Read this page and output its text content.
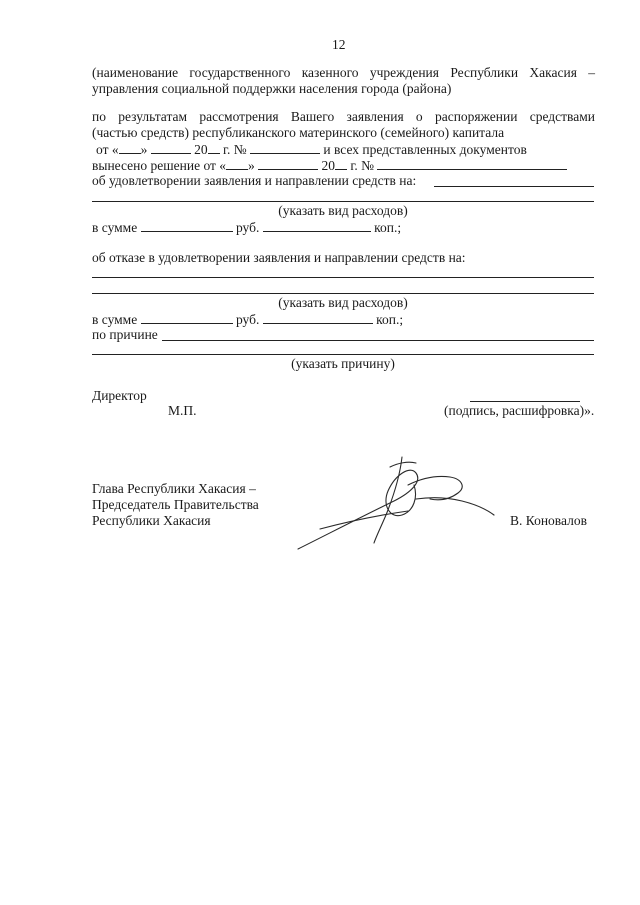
12
(наименование государственного казенного учреждения Республики Хакасия –
управления социальной поддержки населения города (района)
по результатам рассмотрения Вашего заявления о распоряжении средствами
(частью средств) республиканского материнского (семейного) капитала
от « »	20 г. №	и всех представленных документов
вынесено решение от « »	20 г. №
об удовлетворении заявления и направлении средств на:
(указать вид расходов)
в сумме	руб.	коп.;
об отказе в удовлетворении заявления и направлении средств на:
(указать вид расходов)
в сумме	руб.	коп.;
по причине
(указать причину)
Директор
М.П.	(подпись, расшифровка)».
Глава Республики Хакасия –
Председатель Правительства
Республики Хакасия	В. Коновалов
